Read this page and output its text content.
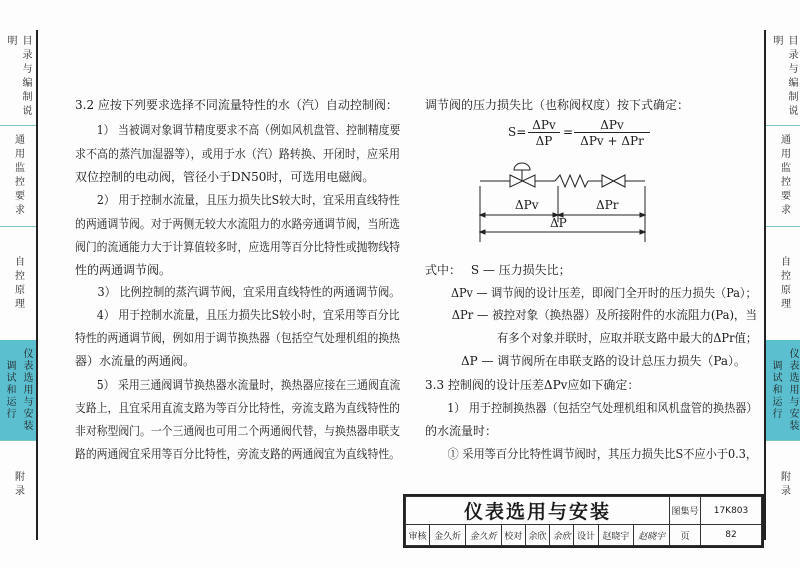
目录与编制说明
通用监控要求
自控原理
调试和运行 仪表选用与安装
附录
目录与编制说明
通用监控要求
自控原理
调试和运行 仪表选用与安装
附录
3.2 应按下列要求选择不同流量特性的水（汽）自动控制阀：
　　1） 当被调对象调节精度要求不高（例如风机盘管、控制精度要
求不高的蒸汽加湿器等），或用于水（汽）路转换、开闭时，应采用
双位控制的电动阀，管径小于DN50时，可选用电磁阀。
　　2） 用于控制水流量，且压力损失比S较大时，宜采用直线特性
的两通调节阀。对于两侧无较大水流阻力的水路旁通调节阀，当所选
阀门的流通能力大于计算值较多时，应选用等百分比特性或抛物线特
性的两通调节阀。
　　3） 比例控制的蒸汽调节阀，宜采用直线特性的两通调节阀。
　　4） 用于控制水流量，且压力损失比S较小时，宜采用等百分比
特性的两通调节阀，例如用于调节换热器（包括空气处理机组的换热
器）水流量的两通阀。
　　5） 采用三通阀调节换热器水流量时，换热器应接在三通阀直流
支路上，且宜采用直流支路为等百分比特性，旁流支路为直线特性的
非对称型阀门。一个三通阀也可用二个两通阀代替，与换热器串联支
路的两通阀宜采用等百分比特性，旁流支路的两通阀宜为直线特性。
调节阀的压力损失比（也称阀权度）按下式确定：
S= ΔPv
ΔP
=	ΔPv
ΔPv + ΔPr
ΔPv	ΔPr
ΔP
式中：　 S — 压力损失比；
　　 ΔPv — 调节阀的设计压差，即阀门全开时的压力损失（Pa）；
　　 ΔPr — 被控对象（换热器）及所接附件的水流阻力(Pa)，当
　　　　　　 有多个对象并联时，应取并联支路中最大的ΔPr值；
　　　ΔP — 调节阀所在串联支路的设计总压力损失（Pa）。
3.3 控制阀的设计压差ΔPv应如下确定：
　　1） 用于控制换热器（包括空气处理机组和风机盘管的换热器）
的水流量时：
　　① 采用等百分比特性调节阀时，其压力损失比S不应小于0.3，
仪表选用与安装									图集号	17K803
审核	金久炘	金久炘	校对	余欣	余欣	设计	赵晓宇	赵晓宇	页	82
